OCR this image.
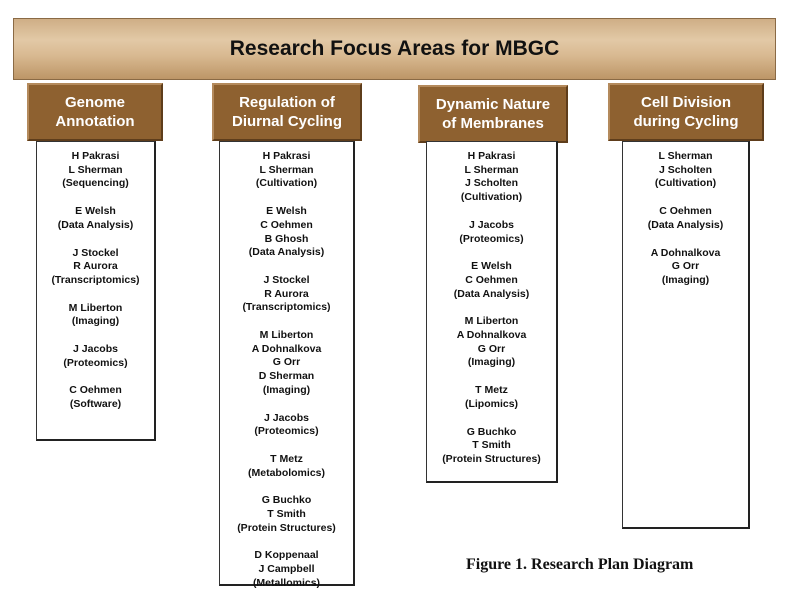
Research Focus Areas for MBGC
Genome
Annotation
H Pakrasi
L Sherman
(Sequencing)
E Welsh
(Data Analysis)
J Stockel
R Aurora
(Transcriptomics)
M Liberton
(Imaging)
J Jacobs
(Proteomics)
C Oehmen
(Software)
Regulation of
Diurnal Cycling
H Pakrasi
L Sherman
(Cultivation)
E Welsh
C Oehmen
B Ghosh
(Data Analysis)
J Stockel
R Aurora
(Transcriptomics)
M Liberton
A Dohnalkova
G Orr
D Sherman
(Imaging)
J Jacobs
(Proteomics)
T Metz
(Metabolomics)
G Buchko
T Smith
(Protein Structures)
D Koppenaal
J Campbell
(Metallomics)
Dynamic Nature
of Membranes
H Pakrasi
L Sherman
J Scholten
(Cultivation)
J Jacobs
(Proteomics)
E Welsh
C Oehmen
(Data Analysis)
M Liberton
A Dohnalkova
G Orr
(Imaging)
T Metz
(Lipomics)
G Buchko
T Smith
(Protein Structures)
Cell Division
during Cycling
L Sherman
J Scholten
(Cultivation)
C Oehmen
(Data Analysis)
A Dohnalkova
G Orr
(Imaging)
Figure 1. Research Plan Diagram
